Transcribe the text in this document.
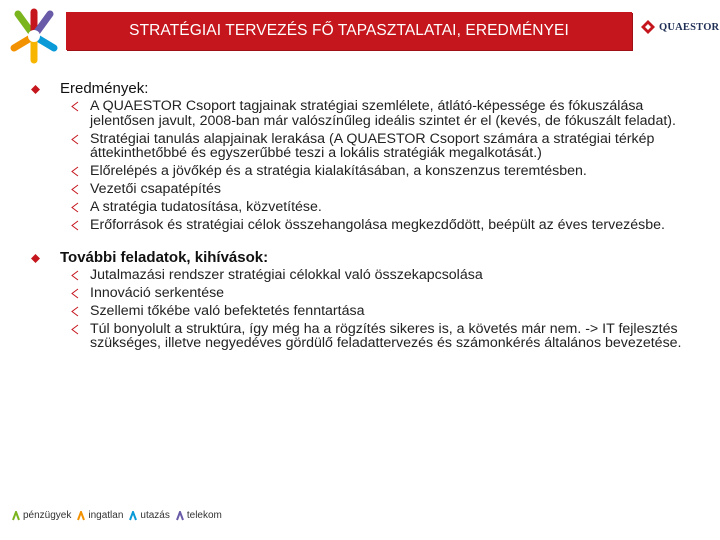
STRATÉGIAI TERVEZÉS FŐ TAPASZTALATAI, EREDMÉNYEI	QUAESTOR
Eredmények:
A QUAESTOR Csoport tagjainak stratégiai szemlélete, átlátó-képessége és fókuszálása jelentősen javult, 2008-ban már valószínűleg ideális szintet ér el (kevés, de fókuszált feladat).
Stratégiai tanulás alapjainak lerakása (A QUAESTOR Csoport számára a stratégiai térkép áttekinthetőbbé és egyszerűbbé teszi a lokális stratégiák megalkotását.)
Előrelépés a jövőkép és a stratégia kialakításában, a konszenzus teremtésben.
Vezetői csapatépítés
A stratégia tudatosítása, közvetítése.
Erőforrások és stratégiai célok összehangolása megkezdődött, beépült az éves tervezésbe.
További feladatok, kihívások:
Jutalmazási rendszer stratégiai célokkal való összekapcsolása
Innováció serkentése
Szellemi tőkébe való befektetés fenntartása
Túl bonyolult a struktúra, így még ha a rögzítés sikeres is, a követés már nem. -> IT fejlesztés szükséges, illetve negyedéves gördülő feladattervezés és számonkérés általános bevezetése.
pénzügyek ingatlan utazás telekom
